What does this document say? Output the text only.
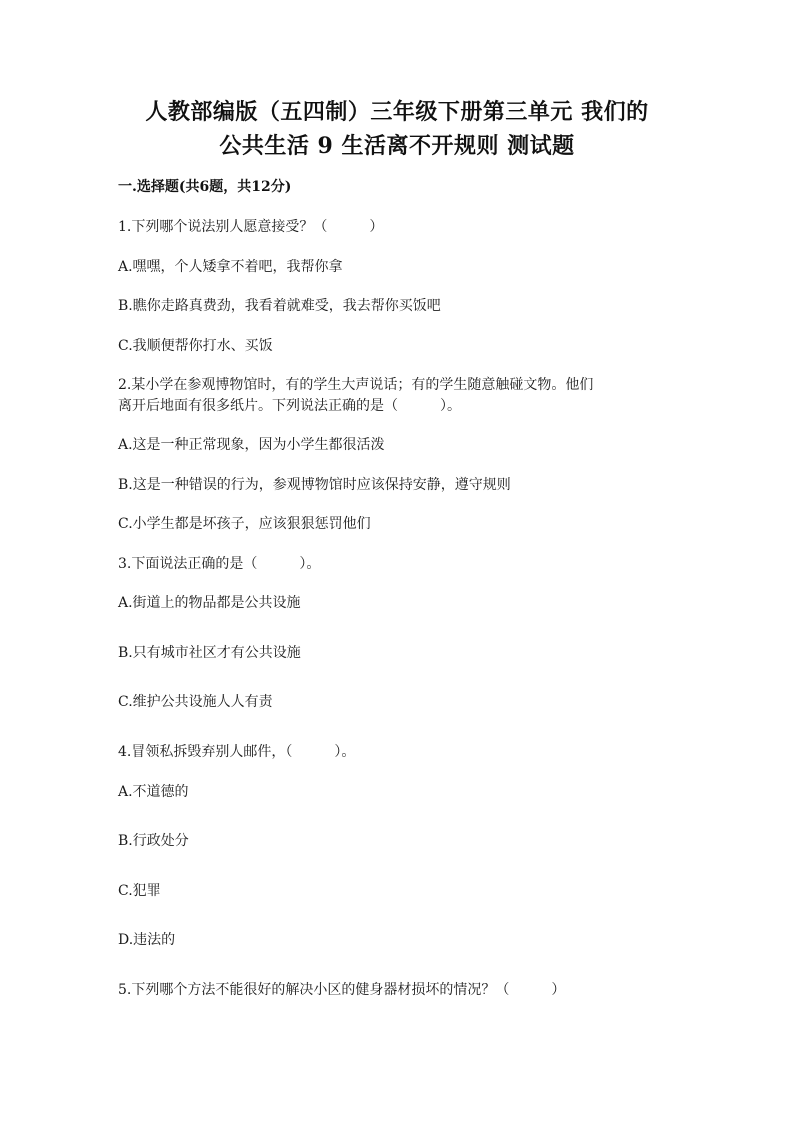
人教部编版（五四制）三年级下册第三单元 我们的
公共生活 9 生活离不开规则 测试题
一.选择题(共6题，共12分)
1.下列哪个说法别人愿意接受？（　　　）
A.嘿嘿，个人矮拿不着吧，我帮你拿
B.瞧你走路真费劲，我看着就难受，我去帮你买饭吧
C.我顺便帮你打水、买饭
2.某小学在参观博物馆时，有的学生大声说话；有的学生随意触碰文物。他们
离开后地面有很多纸片。下列说法正确的是（　　　）。
A.这是一种正常现象，因为小学生都很活泼
B.这是一种错误的行为，参观博物馆时应该保持安静，遵守规则
C.小学生都是坏孩子，应该狠狠惩罚他们
3.下面说法正确的是（　　　）。
A.街道上的物品都是公共设施
B.只有城市社区才有公共设施
C.维护公共设施人人有责
4.冒领私拆毁弃别人邮件，（　　　）。
A.不道德的
B.行政处分
C.犯罪
D.违法的
5.下列哪个方法不能很好的解决小区的健身器材损坏的情况？（　　　）
